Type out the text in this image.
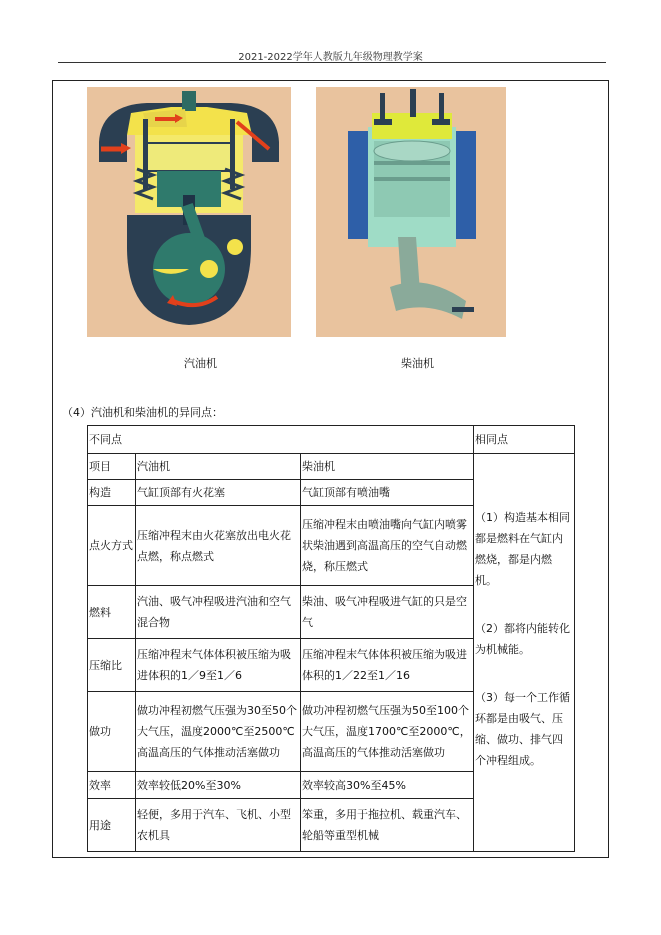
2021-2022学年人教版九年级物理教学案
汽油机	柴油机
（4）汽油机和柴油机的异同点：
不同点			相同点
项目	汽油机	柴油机	（1）构造基本相同都是燃料在气缸内燃烧，都是内燃机。
（2）都将内能转化为机械能。
（3）每一个工作循环都是由吸气、压缩、做功、排气四个冲程组成。

构造	气缸顶部有火花塞	气缸顶部有喷油嘴	
点火方式	压缩冲程末由火花塞放出电火花点燃，称点燃式	压缩冲程末由喷油嘴向气缸内喷雾状柴油遇到高温高压的空气自动燃烧，称压燃式	
燃料	汽油、吸气冲程吸进汽油和空气混合物	柴油、吸气冲程吸进气缸的只是空气	
压缩比	压缩冲程末气体体积被压缩为吸进体积的1／9至1／6	压缩冲程末气体体积被压缩为吸进体积的1／22至1／16	
做功	做功冲程初燃气压强为30至50个大气压，温度2000℃至2500℃高温高压的气体推动活塞做功	做功冲程初燃气压强为50至100个大气压，温度1700℃至2000℃，高温高压的气体推动活塞做功	
效率	效率较低20%至30%	效率较高30%至45%	
用途	轻便，多用于汽车、飞机、小型农机具	笨重，多用于拖拉机、载重汽车、轮船等重型机械	
